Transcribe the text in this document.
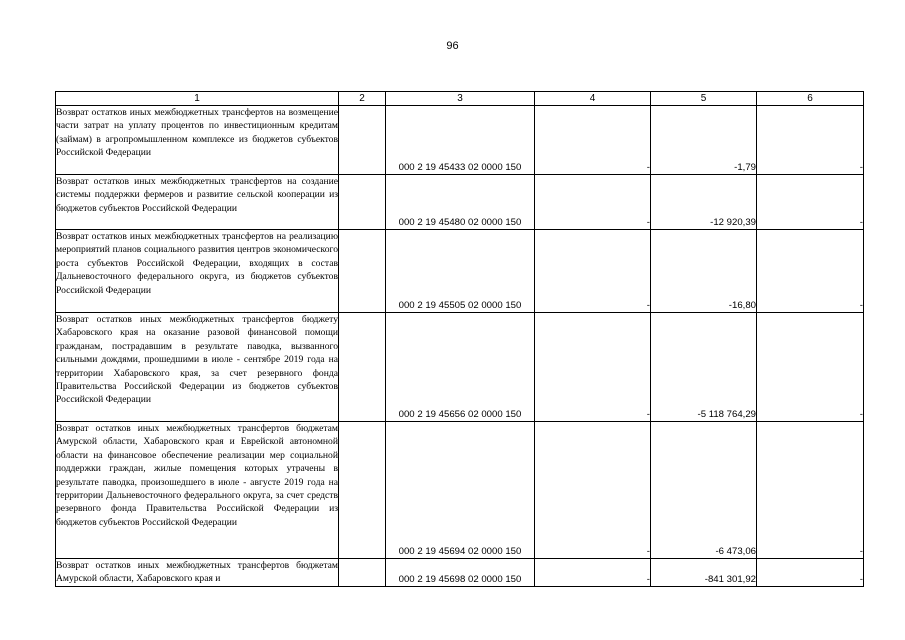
96
1	2	3	4	5	6
Возврат остатков иных межбюджетных трансфертов на возмещение части затрат на уплату процентов по инвестиционным кредитам (займам) в агропромышленном комплексе из бюджетов субъектов Российской Федерации		000 2 19 45433 02 0000 150	-	-1,79	-
Возврат остатков иных межбюджетных трансфертов на создание системы поддержки фермеров и развитие сельской кооперации из бюджетов субъектов Российской Федерации		000 2 19 45480 02 0000 150	-	-12 920,39	-
Возврат остатков иных межбюджетных трансфертов на реализацию мероприятий планов социального развития центров экономического роста субъектов Российской Федерации, входящих в состав Дальневосточного федерального округа, из бюджетов субъектов Российской Федерации		000 2 19 45505 02 0000 150	-	-16,80	-
Возврат остатков иных межбюджетных трансфертов бюджету Хабаровского края на оказание разовой финансовой помощи гражданам, пострадавшим в результате паводка, вызванного сильными дождями, прошедшими в июле - сентябре 2019 года на территории Хабаровского края, за счет резервного фонда Правительства Российской Федерации из бюджетов субъектов Российской Федерации		000 2 19 45656 02 0000 150	-	-5 118 764,29	-
Возврат остатков иных межбюджетных трансфертов бюджетам Амурской области, Хабаровского края и Еврейской автономной области на финансовое обеспечение реализации мер социальной поддержки граждан, жилые помещения которых утрачены в результате паводка, произошедшего в июле - августе 2019 года на территории Дальневосточного федерального округа, за счет средств резервного фонда Правительства Российской Федерации из бюджетов субъектов Российской Федерации		000 2 19 45694 02 0000 150	-	-6 473,06	-
Возврат остатков иных межбюджетных трансфертов бюджетам Амурской области, Хабаровского края и		000 2 19 45698 02 0000 150	-	-841 301,92	-
